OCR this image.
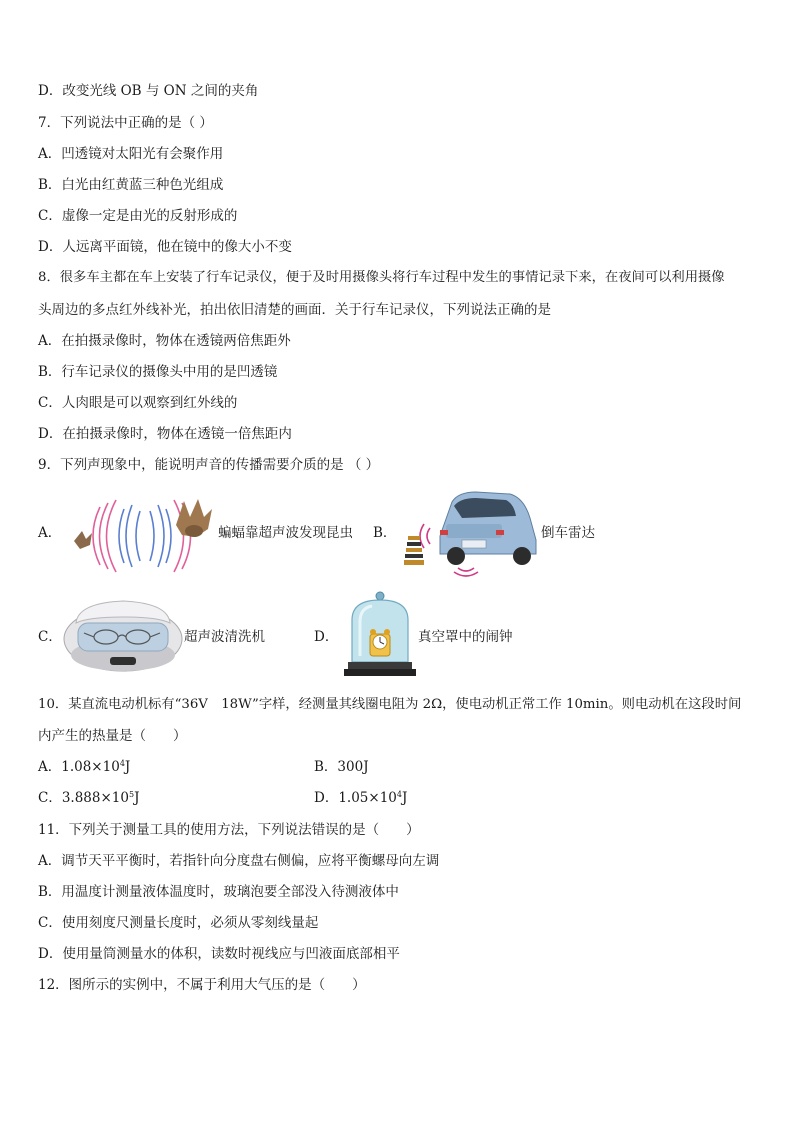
D．改变光线 OB 与 ON 之间的夹角
7．下列说法中正确的是（ ）
A．凹透镜对太阳光有会聚作用
B．白光由红黄蓝三种色光组成
C．虚像一定是由光的反射形成的
D．人远离平面镜，他在镜中的像大小不变
8．很多车主都在车上安装了行车记录仪，便于及时用摄像头将行车过程中发生的事情记录下来，在夜间可以利用摄像
头周边的多点红外线补光，拍出依旧清楚的画面．关于行车记录仪，下列说法正确的是
A．在拍摄录像时，物体在透镜两倍焦距外
B．行车记录仪的摄像头中用的是凹透镜
C．人肉眼是可以观察到红外线的
D．在拍摄录像时，物体在透镜一倍焦距内
9．下列声现象中，能说明声音的传播需要介质的是 （ ）
A．	蝙蝠靠超声波发现昆虫 B．	倒车雷达
C．	超声波清洗机	D．	真空罩中的闹钟
10．某直流电动机标有“36V　18W”字样，经测量其线圈电阻为 2Ω，使电动机正常工作 10min。则电动机在这段时间
内产生的热量是（　　）
A．$1.08\times 10^4J$	B．300J
C．$3.888\times 10^5J$	D．$1.05\times 10^4J$
11．下列关于测量工具的使用方法，下列说法错误的是（　　）
A．调节天平平衡时，若指针向分度盘右侧偏，应将平衡螺母向左调
B．用温度计测量液体温度时，玻璃泡要全部没入待测液体中
C．使用刻度尺测量长度时，必须从零刻线量起
D．使用量筒测量水的体积，读数时视线应与凹液面底部相平
12．图所示的实例中，不属于利用大气压的是（　　）
